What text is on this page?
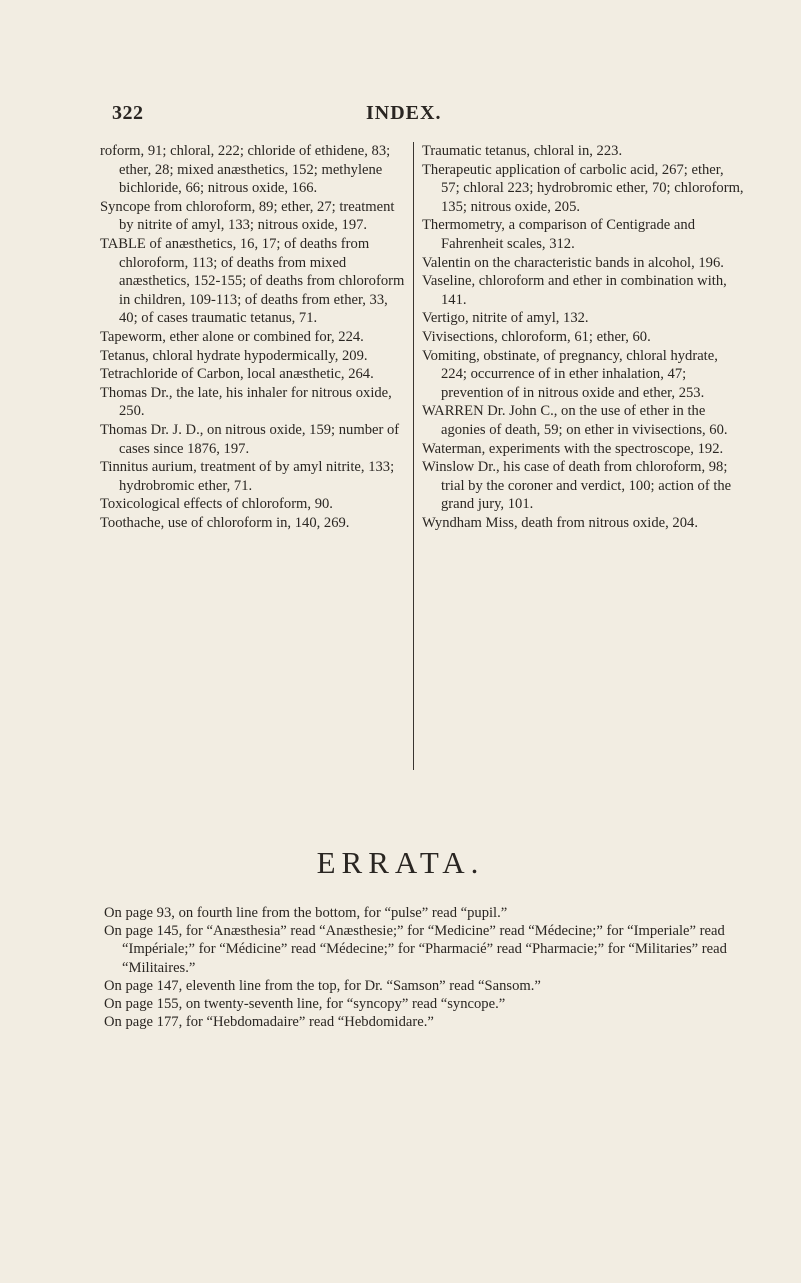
322	INDEX.

roform, 91; chloral, 222; chloride of ethidene, 83; ether, 28; mixed anæsthetics, 152; methylene bichloride, 66; nitrous oxide, 166.

Syncope from chloroform, 89; ether, 27; treatment by nitrite of amyl, 133; nitrous oxide, 197.

TABLE of anæsthetics, 16, 17; of deaths from chloroform, 113; of deaths from mixed anæsthetics, 152-155; of deaths from chloroform in children, 109-113; of deaths from ether, 33, 40; of cases traumatic tetanus, 71.

Tapeworm, ether alone or combined for, 224.

Tetanus, chloral hydrate hypodermically, 209.

Tetrachloride of Carbon, local anæsthetic, 264.

Thomas Dr., the late, his inhaler for nitrous oxide, 250.

Thomas Dr. J. D., on nitrous oxide, 159; number of cases since 1876, 197.

Tinnitus aurium, treatment of by amyl nitrite, 133; hydrobromic ether, 71.

Toxicological effects of chloroform, 90.

Toothache, use of chloroform in, 140, 269.

Traumatic tetanus, chloral in, 223.

Therapeutic application of carbolic acid, 267; ether, 57; chloral 223; hydrobromic ether, 70; chloroform, 135; nitrous oxide, 205.

Thermometry, a comparison of Centigrade and Fahrenheit scales, 312.

Valentin on the characteristic bands in alcohol, 196.

Vaseline, chloroform and ether in combination with, 141.

Vertigo, nitrite of amyl, 132.

Vivisections, chloroform, 61; ether, 60.

Vomiting, obstinate, of pregnancy, chloral hydrate, 224; occurrence of in ether inhalation, 47; prevention of in nitrous oxide and ether, 253.

WARREN Dr. John C., on the use of ether in the agonies of death, 59; on ether in vivisections, 60.

Waterman, experiments with the spectroscope, 192.

Winslow Dr., his case of death from chloroform, 98; trial by the coroner and verdict, 100; action of the grand jury, 101.

Wyndham Miss, death from nitrous oxide, 204.

ERRATA.
On page 93, on fourth line from the bottom, for “pulse” read “pupil.”
On page 145, for “Anæsthesia” read “Anæsthesie;” for “Medicine” read “Médecine;” for “Imperiale” read “Impériale;” for “Médicine” read “Médecine;” for “Pharmacié” read “Pharmacie;” for “Militaries” read “Militaires.”
On page 147, eleventh line from the top, for Dr. “Samson” read “Sansom.”
On page 155, on twenty-seventh line, for “syncopy” read “syncope.”
On page 177, for “Hebdomadaire” read “Hebdomidare.”
